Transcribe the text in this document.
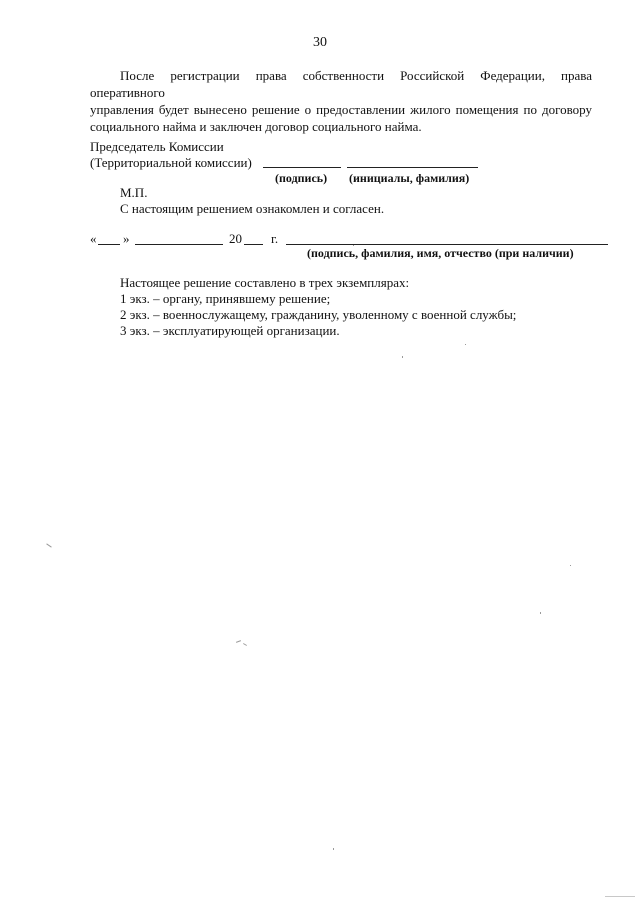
30
После регистрации права собственности Российской Федерации, права оперативного
управления будет вынесено решение о предоставлении жилого помещения по договору
социального найма и заключен договор социального найма.
Председатель Комиссии
(Территориальной комиссии)
(подпись) (инициалы, фамилия)
М.П.
С настоящим решением ознакомлен и согласен.
« »	20 г.
(подпись, фамилия, имя, отчество (при наличии)
Настоящее решение составлено в трех экземплярах:
1 экз. – органу, принявшему решение;
2 экз. – военнослужащему, гражданину, уволенному с военной службы;
3 экз. – эксплуатирующей организации.
